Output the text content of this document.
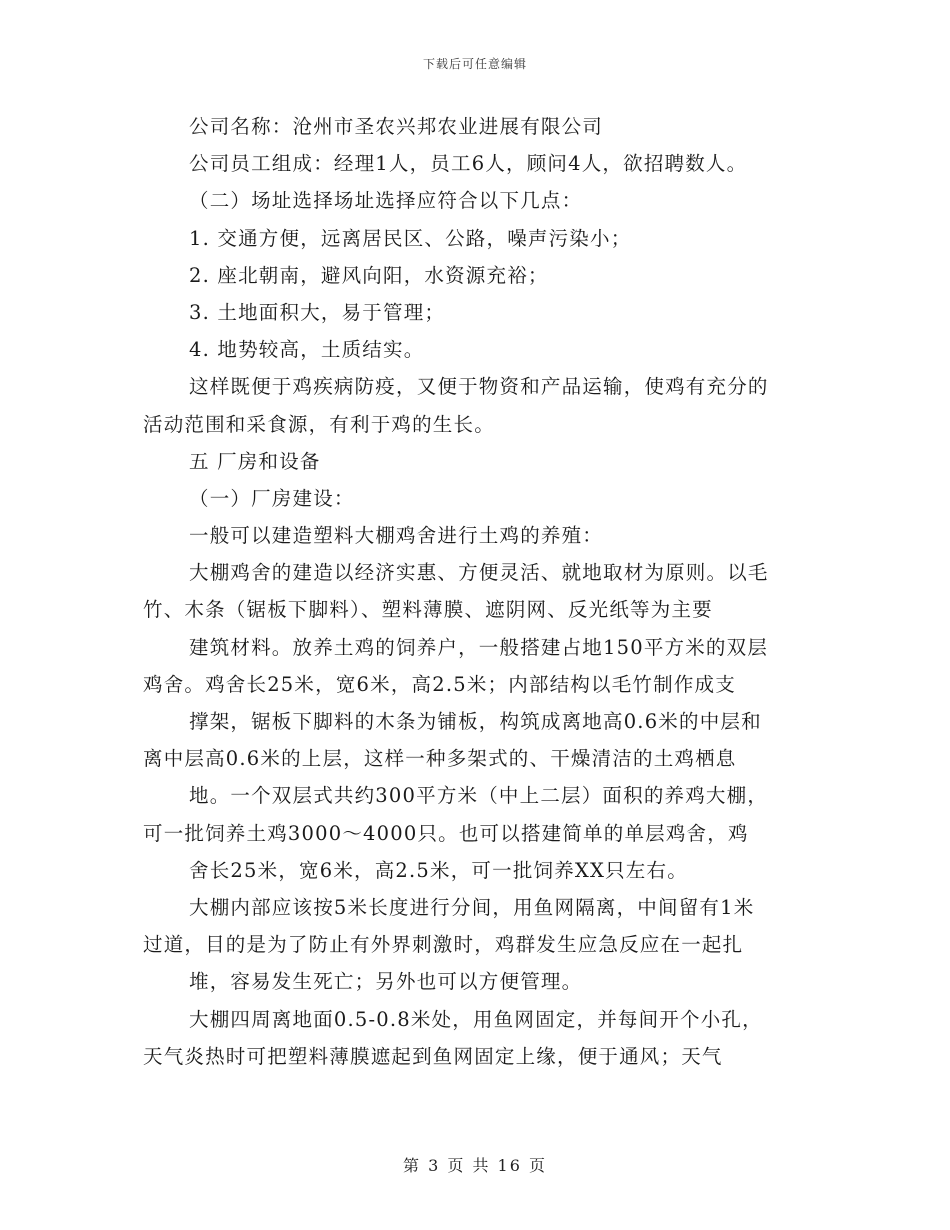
下载后可任意编辑
公司名称：沧州市圣农兴邦农业进展有限公司
公司员工组成：经理1人，员工6人，顾问4人，欲招聘数人。
（二）场址选择场址选择应符合以下几点：
1. 交通方便，远离居民区、公路，噪声污染小；
2. 座北朝南，避风向阳，水资源充裕；
3. 土地面积大，易于管理；
4. 地势较高，土质结实。
这样既便于鸡疾病防疫，又便于物资和产品运输，使鸡有充分的
活动范围和采食源，有利于鸡的生长。
五 厂房和设备
（一）厂房建设：
一般可以建造塑料大棚鸡舍进行土鸡的养殖：
大棚鸡舍的建造以经济实惠、方便灵活、就地取材为原则。以毛
竹、木条（锯板下脚料）、塑料薄膜、遮阴网、反光纸等为主要
建筑材料。放养土鸡的饲养户，一般搭建占地150平方米的双层
鸡舍。鸡舍长25米，宽6米，高2.5米；内部结构以毛竹制作成支
撑架，锯板下脚料的木条为铺板，构筑成离地高0.6米的中层和
离中层高0.6米的上层，这样一种多架式的、干燥清洁的土鸡栖息
地。一个双层式共约300平方米（中上二层）面积的养鸡大棚，
可一批饲养土鸡3000～4000只。也可以搭建简单的单层鸡舍，鸡
舍长25米，宽6米，高2.5米，可一批饲养XX只左右。
大棚内部应该按5米长度进行分间，用鱼网隔离，中间留有1米
过道，目的是为了防止有外界刺激时，鸡群发生应急反应在一起扎
堆，容易发生死亡；另外也可以方便管理。
大棚四周离地面0.5-0.8米处，用鱼网固定，并每间开个小孔，
天气炎热时可把塑料薄膜遮起到鱼网固定上缘，便于通风；天气
第 3 页 共 16 页
